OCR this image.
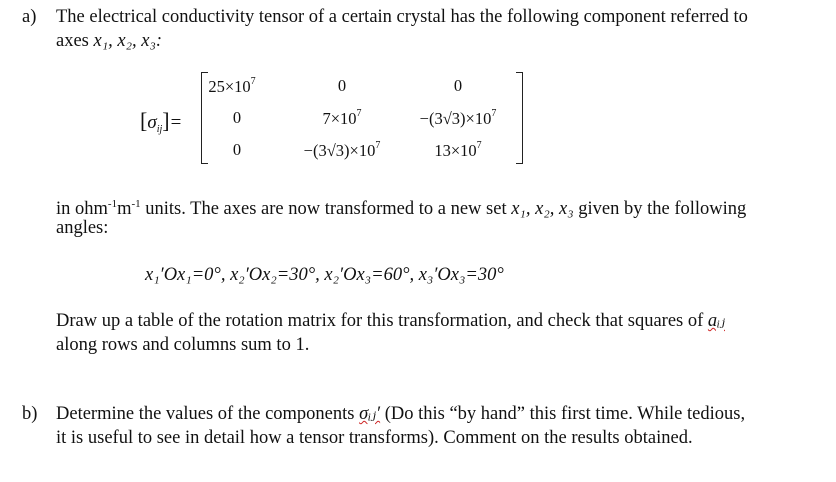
a) The electrical conductivity tensor of a certain crystal has the following component referred to
axes x₁, x₂, x₃:
$[\sigma_{ij}]=$
$25\times 10^7$	0	0
0	$7\times 10^7$	$-(3√3)\times 10^7$
0	$-(3√3)\times 10^7$	$13\times 10^7$
in $ohm^{-1}m^{-1}$ units. The axes are now transformed to a new set x₁, x₂, x₃ given by the following
angles:
x₁′Ox₁=0°, x₂′Ox₂=30°, x₂′Ox₃=60°, x₃′Ox₃=30°
Draw up a table of the rotation matrix for this transformation, and check that squares of aᵢⱼ
along rows and columns sum to 1.
b) Determine the values of the components σᵢⱼ′ (Do this “by hand” this first time. While tedious,
it is useful to see in detail how a tensor transforms). Comment on the results obtained.
